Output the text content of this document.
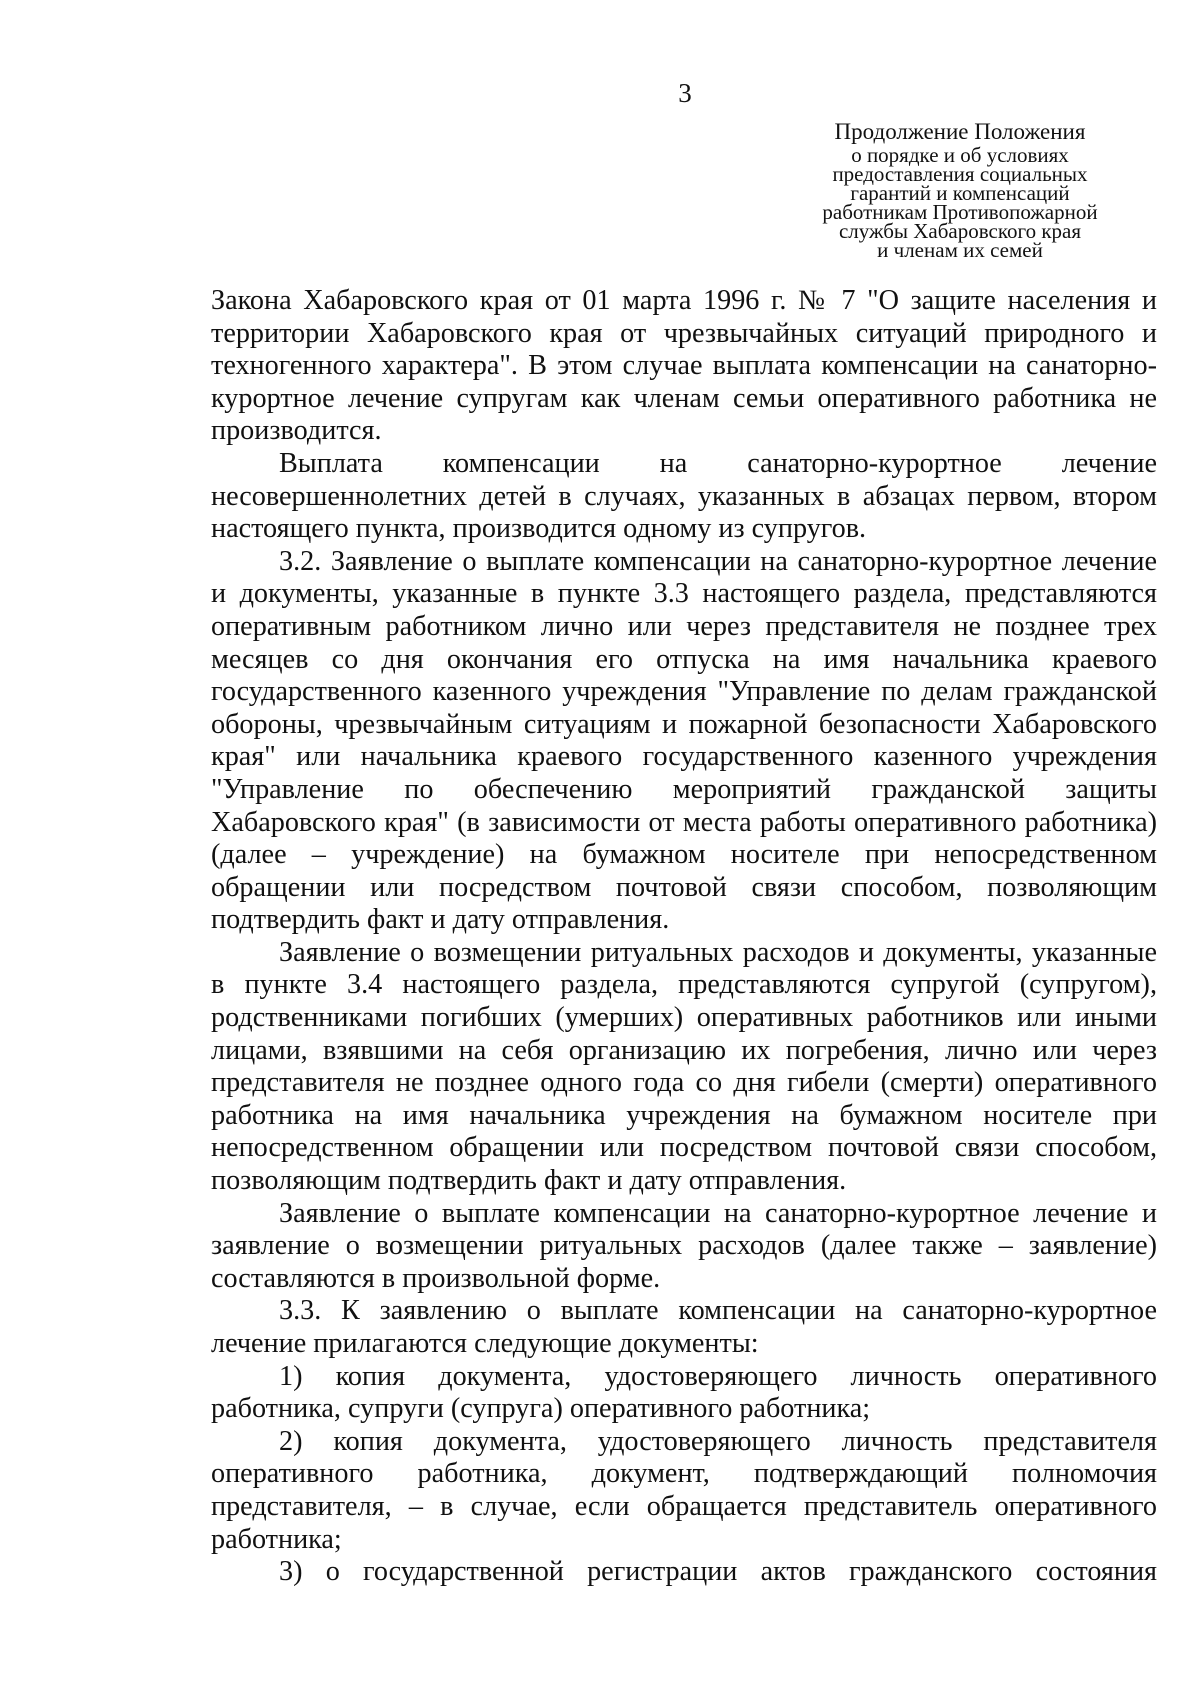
3
Продолжение Положения
о порядке и об условиях
предоставления социальных
гарантий и компенсаций
работникам Противопожарной
службы Хабаровского края
и членам их семей

Закона Хабаровского края от 01 марта 1996 г. № 7 "О защите населения и территории Хабаровского края от чрезвычайных ситуаций природного и техногенного характера". В этом случае выплата компенсации на санаторно-курортное лечение супругам как членам семьи оперативного работника не производится.

Выплата компенсации на санаторно-курортное лечение несовершеннолетних детей в случаях, указанных в абзацах первом, втором настоящего пункта, производится одному из супругов.

3.2. Заявление о выплате компенсации на санаторно-курортное лечение и документы, указанные в пункте 3.3 настоящего раздела, представляются оперативным работником лично или через представителя не позднее трех месяцев со дня окончания его отпуска на имя начальника краевого государственного казенного учреждения "Управление по делам гражданской обороны, чрезвычайным ситуациям и пожарной безопасности Хабаровского края" или начальника краевого государственного казенного учреждения "Управление по обеспечению мероприятий гражданской защиты Хабаровского края" (в зависимости от места работы оперативного работника) (далее – учреждение) на бумажном носителе при непосредственном обращении или посредством почтовой связи способом, позволяющим подтвердить факт и дату отправления.

Заявление о возмещении ритуальных расходов и документы, указанные в пункте 3.4 настоящего раздела, представляются супругой (супругом), родственниками погибших (умерших) оперативных работников или иными лицами, взявшими на себя организацию их погребения, лично или через представителя не позднее одного года со дня гибели (смерти) оперативного работника на имя начальника учреждения на бумажном носителе при непосредственном обращении или посредством почтовой связи способом, позволяющим подтвердить факт и дату отправления.

Заявление о выплате компенсации на санаторно-курортное лечение и заявление о возмещении ритуальных расходов (далее также – заявление) составляются в произвольной форме.

3.3. К заявлению о выплате компенсации на санаторно-курортное лечение прилагаются следующие документы:

1) копия документа, удостоверяющего личность оперативного работника, супруги (супруга) оперативного работника;

2) копия документа, удостоверяющего личность представителя оперативного работника, документ, подтверждающий полномочия представителя, – в случае, если обращается представитель оперативного работника;

3) о государственной регистрации актов гражданского состояния
